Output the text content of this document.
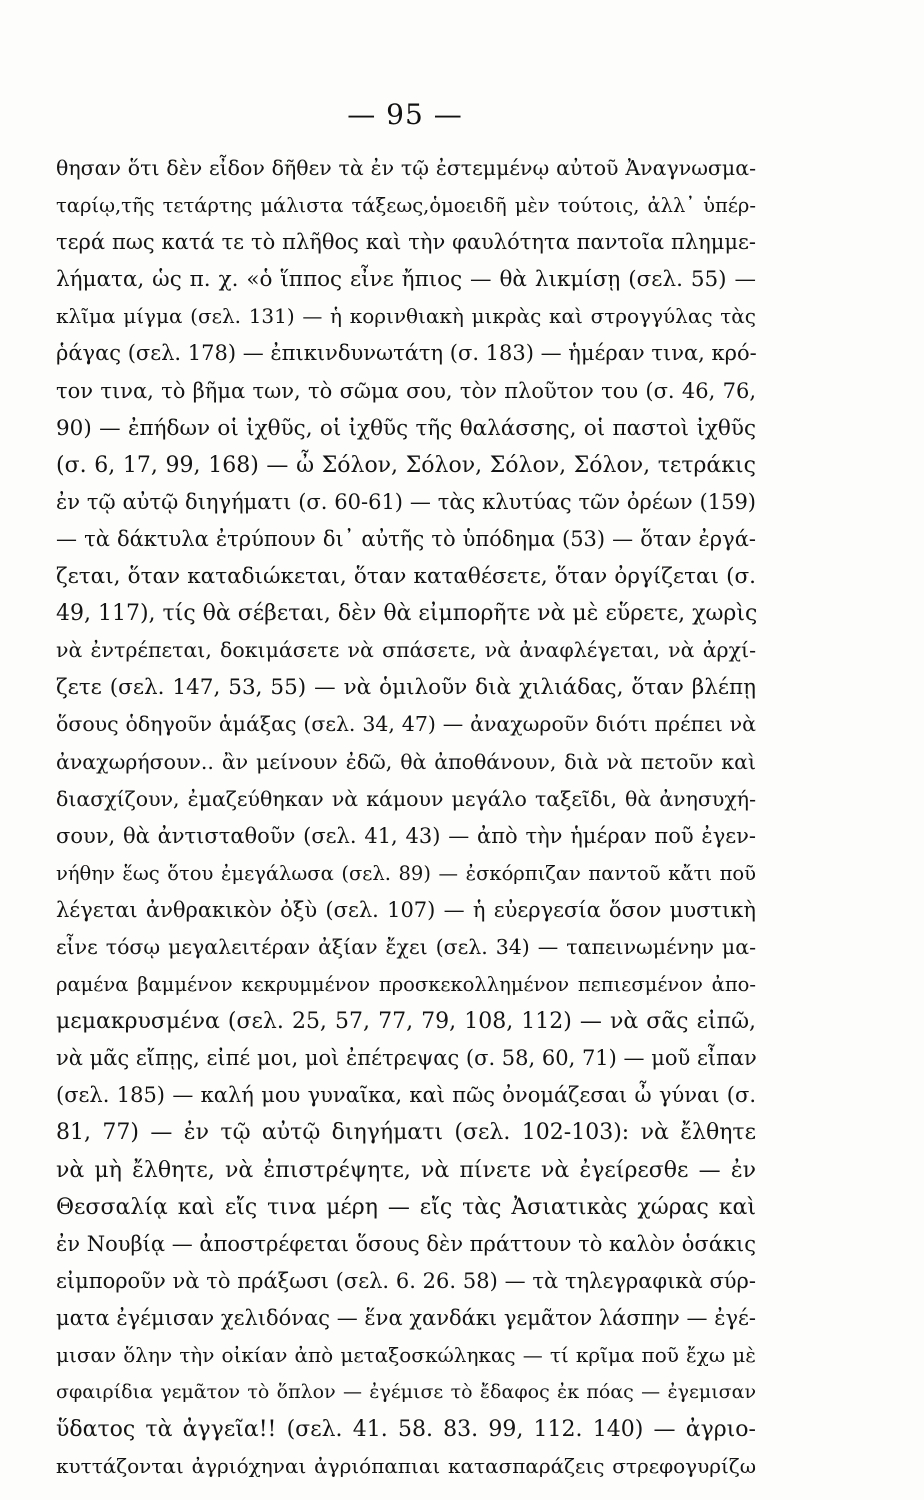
— 95 —
θησαν ὅτι δὲν εἶδον δῆθεν τὰ ἐν τῷ ἐστεμμένῳ αὐτοῦ Ἀναγνωσμα-
ταρίῳ,τῆς τετάρτης μάλιστα τάξεως,ὁμοειδῆ μὲν τούτοις, ἀλλ᾽ ὑπέρ-
τερά πως κατά τε τὸ πλῆθος καὶ τὴν φαυλότητα παντοῖα πλημμε-
λήματα, ὡς π. χ. «ὁ ἵππος εἶνε ἤπιος — θὰ λικμίσῃ (σελ. 55) —
κλῖμα μίγμα (σελ. 131) — ἡ κορινθιακὴ μικρὰς καὶ στρογγύλας τὰς
ῥάγας (σελ. 178) — ἐπικινδυνωτάτη (σ. 183) — ἡμέραν τινα, κρό-
τον τινα, τὸ βῆμα των, τὸ σῶμα σου, τὸν πλοῦτον του (σ. 46, 76,
90) — ἐπήδων οἱ ἰχθῦς, οἱ ἰχθῦς τῆς θαλάσσης, οἱ παστοὶ ἰχθῦς
(σ. 6, 17, 99, 168) — ὦ Σόλον, Σόλον, Σόλον, Σόλον, τετράκις
ἐν τῷ αὐτῷ διηγήματι (σ. 60-61) — τὰς κλυτύας τῶν ὀρέων (159)
— τὰ δάκτυλα ἐτρύπουν δι᾽ αὐτῆς τὸ ὑπόδημα (53) — ὅταν ἐργά-
ζεται, ὅταν καταδιώκεται, ὅταν καταθέσετε, ὅταν ὀργίζεται (σ.
49, 117), τίς θὰ σέβεται, δὲν θὰ εἰμπορῆτε νὰ μὲ εὕρετε, χωρὶς
νὰ ἐντρέπεται, δοκιμάσετε νὰ σπάσετε, νὰ ἀναφλέγεται, νὰ ἀρχί-
ζετε (σελ. 147, 53, 55) — νὰ ὁμιλοῦν διὰ χιλιάδας, ὅταν βλέπῃ
ὅσους ὁδηγοῦν ἁμάξας (σελ. 34, 47) — ἀναχωροῦν διότι πρέπει νὰ
ἀναχωρήσουν.. ἂν μείνουν ἐδῶ, θὰ ἀποθάνουν, διὰ νὰ πετοῦν καὶ
διασχίζουν, ἐμαζεύθηκαν νὰ κάμουν μεγάλο ταξεῖδι, θὰ ἀνησυχή-
σουν, θὰ ἀντισταθοῦν (σελ. 41, 43) — ἀπὸ τὴν ἡμέραν ποῦ ἐγεν-
νήθην ἕως ὅτου ἐμεγάλωσα (σελ. 89) — ἐσκόρπιζαν παντοῦ κἄτι ποῦ
λέγεται ἀνθρακικὸν ὀξὺ (σελ. 107) — ἡ εὐεργεσία ὅσον μυστικὴ
εἶνε τόσῳ μεγαλειτέραν ἀξίαν ἔχει (σελ. 34) — ταπεινωμένην μα-
ραμένα βαμμένον κεκρυμμένον προσκεκολλημένον πεπιεσμένον ἀπο-
μεμακρυσμένα (σελ. 25, 57, 77, 79, 108, 112) — νὰ σᾶς εἰπῶ,
νὰ μᾶς εἴπῃς, εἰπέ μοι, μοὶ ἐπέτρεψας (σ. 58, 60, 71) — μοῦ εἶπαν
(σελ. 185) — καλή μου γυναῖκα, καὶ πῶς ὀνομάζεσαι ὦ γύναι (σ.
81, 77) — ἐν τῷ αὐτῷ διηγήματι (σελ. 102-103): νὰ ἔλθητε
νὰ μὴ ἔλθητε, νὰ ἐπιστρέψητε, νὰ πίνετε νὰ ἐγείρεσθε — ἐν
Θεσσαλίᾳ καὶ εἴς τινα μέρη — εἴς τὰς Ἀσιατικὰς χώρας καὶ
ἐν Νουβίᾳ — ἀποστρέφεται ὅσους δὲν πράττουν τὸ καλὸν ὁσάκις
εἰμποροῦν νὰ τὸ πράξωσι (σελ. 6. 26. 58) — τὰ τηλεγραφικὰ σύρ-
ματα ἐγέμισαν χελιδόνας — ἕνα χανδάκι γεμᾶτον λάσπην — ἐγέ-
μισαν ὅλην τὴν οἰκίαν ἀπὸ μεταξοσκώληκας — τί κρῖμα ποῦ ἔχω μὲ
σφαιρίδια γεμᾶτον τὸ ὅπλον — ἐγέμισε τὸ ἔδαφος ἐκ πόας — ἐγεμισαν
ὕδατος τὰ ἀγγεῖα!! (σελ. 41. 58. 83. 99, 112. 140) — ἀγριο-
κυττάζονται ἀγριόχηναι ἀγριόπαπιαι κατασπαράζεις στρεφογυρίζω
